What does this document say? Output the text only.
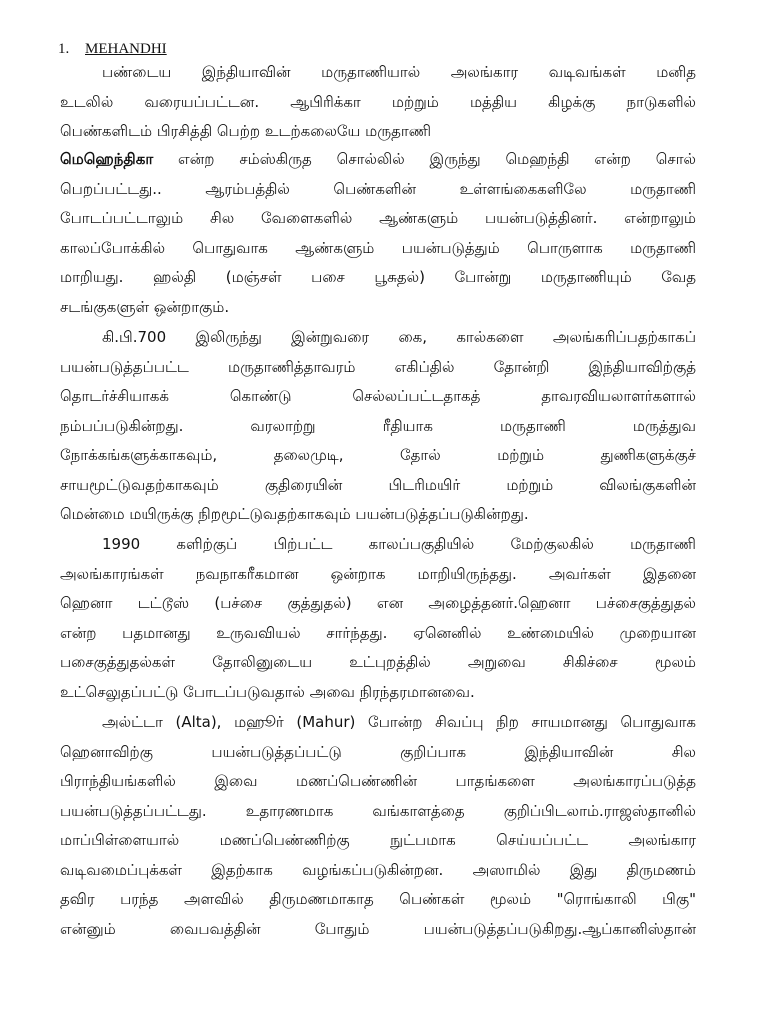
1. MEHANDHI
பண்டைய இந்தியாவின் மருதாணியால் அலங்கார வடிவங்கள் மனித
உடலில் வரையப்பட்டன. ஆபிரிக்கா மற்றும் மத்திய கிழக்கு நாடுகளில்
பெண்களிடம் பிரசித்தி பெற்ற உடற்கலையே மருதாணி
மெஹெந்திகா என்ற சம்ஸ்கிருத சொல்லில் இருந்து மெஹந்தி என்ற சொல்
பெறப்பட்டது.. ஆரம்பத்தில் பெண்களின் உள்ளங்கைகளிலே மருதாணி
போடப்பட்டாலும் சில வேளைகளில் ஆண்களும் பயன்படுத்தினர். என்றாலும்
காலப்போக்கில் பொதுவாக ஆண்களும் பயன்படுத்தும் பொருளாக மருதாணி
மாறியது. ஹல்தி (மஞ்சள் பசை பூசுதல்) போன்று மருதாணியும் வேத
சடங்குகளுள் ஒன்றாகும்.
கி.பி.700 இலிருந்து இன்றுவரை கை, கால்களை அலங்கரிப்பதற்காகப்
பயன்படுத்தப்பட்ட மருதாணித்தாவரம் எகிப்தில் தோன்றி இந்தியாவிற்குத்
தொடர்ச்சியாகக் கொண்டு செல்லப்பட்டதாகத் தாவரவியலாளர்களால்
நம்பப்படுகின்றது. வரலாற்று ரீதியாக மருதாணி மருத்துவ
நோக்கங்களுக்காகவும், தலைமுடி, தோல் மற்றும் துணிகளுக்குச்
சாயமூட்டுவதற்காகவும் குதிரையின் பிடரிமயிர் மற்றும் விலங்குகளின்
மென்மை மயிருக்கு நிறமூட்டுவதற்காகவும் பயன்படுத்தப்படுகின்றது.
1990 களிற்குப் பிற்பட்ட காலப்பகுதியில் மேற்குலகில் மருதாணி
அலங்காரங்கள் நவநாகரீகமான ஒன்றாக மாறியிருந்தது. அவர்கள் இதனை
ஹெனா டட்டூஸ் (பச்சை குத்துதல்) என அழைத்தனர்.ஹெனா பச்சைகுத்துதல்
என்ற பதமானது உருவவியல் சார்ந்தது. ஏனெனில் உண்மையில் முறையான
பசைகுத்துதல்கள் தோலினுடைய உட்புறத்தில் அறுவை சிகிச்சை மூலம்
உட்செலுதப்பட்டு போடப்படுவதால் அவை நிரந்தரமானவை.
அல்ட்டா (Alta), மஹூர் (Mahur) போன்ற சிவப்பு நிற சாயமானது பொதுவாக
ஹெனாவிற்கு பயன்படுத்தப்பட்டு குறிப்பாக இந்தியாவின் சில
பிராந்தியங்களில் இவை மணப்பெண்ணின் பாதங்களை அலங்காரப்படுத்த
பயன்படுத்தப்பட்டது. உதாரணமாக வங்காளத்தை குறிப்பிடலாம்.ராஜஸ்தானில்
மாப்பிள்ளையால் மணப்பெண்ணிற்கு நுட்பமாக செய்யப்பட்ட அலங்கார
வடிவமைப்புக்கள் இதற்காக வழங்கப்படுகின்றன. அஸாமில் இது திருமணம்
தவிர பரந்த அளவில் திருமணமாகாத பெண்கள் மூலம் "ரொங்காலி பிகு"
என்னும் வைபவத்தின் போதும் பயன்படுத்தப்படுகிறது.ஆப்கானிஸ்தான்
